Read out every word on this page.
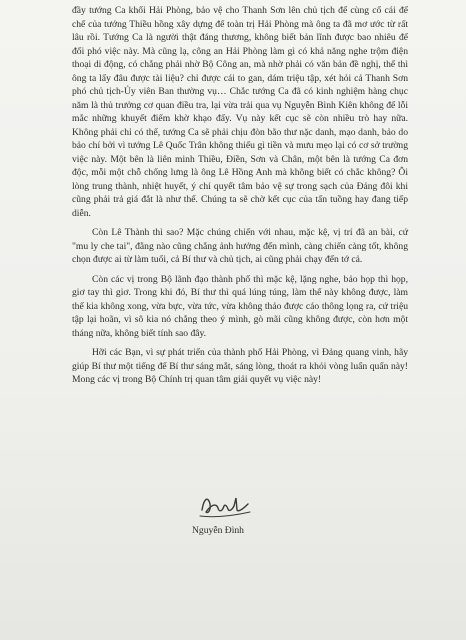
đầy tướng Ca khối Hải Phòng, bảo vệ cho Thanh Sơn lên chủ tịch để cùng cổ cái để chế của tướng Thiều hồng xây dựng để toàn trị Hải Phòng mà ông ta đã mơ ước từ rất lâu rồi. Tướng Ca là người thật đáng thương, không biết bản lĩnh được bao nhiêu để đối phó việc này. Mà cũng lạ, công an Hải Phòng làm gì có khả năng nghe trộm điện thoại di động, có chẳng phải nhờ Bộ Công an, mà nhờ phải có văn bản đề nghị, thế thì ông ta lấy đâu được tài liệu? chỉ được cái to gan, dám triệu tập, xét hỏi cả Thanh Sơn phó chủ tịch-Ủy viên Ban thường vụ… Chắc tướng Ca đã có kinh nghiệm hàng chục năm là thủ trưởng cơ quan điều tra, lại vừa trải qua vụ Nguyễn Bình Kiên không để lỗi mắc những khuyết điểm khờ khạo đấy. Vụ này kết cục sẽ còn nhiều trò hay nữa. Không phải chỉ có thể, tướng Ca sẽ phải chịu đòn bão thư nặc danh, mạo danh, bảo do bảo chí bởi vì tướng Lê Quốc Trân không thiếu gì tiền và mưu mẹo lại có cơ sở trường việc này. Một bên là liên minh Thiều, Điền, Sơn và Chân, một bên là tướng Ca đơn độc, mỗi một chỗ chống lưng là ông Lê Hồng Anh mà không biết có chắc không? Ôi lòng trung thành, nhiệt huyết, ý chí quyết tâm bảo vệ sự trong sạch của Đảng đôi khi cũng phải trả giá đắt là như thế. Chúng ta sẽ chờ kết cục của tấn tuồng hay đang tiếp diễn.

Còn Lê Thành thì sao? Mặc chúng chiến với nhau, mặc kệ, vị trí đã an bài, cứ "mu ly che tai", đằng nào cũng chẳng ảnh hưởng đến mình, càng chiến càng tốt, không chọn được ai từ làm tuổi, cả Bí thư và chủ tịch, ai cũng phải chạy đến tớ cả.

Còn các vị trong Bộ lãnh đạo thành phố thì mặc kệ, lặng nghe, bảo họp thì họp, giơ tay thì giơ. Trong khi đó, Bí thư thì quá lúng túng, làm thế này không được, làm thế kia không xong, vừa bực, vừa tức, vừa không thảo được cáo thông lọng ra, cứ triệu tập lại hoãn, vì sô kia nó chẳng theo ý mình, gò mãi cũng không được, còn hơn một tháng nữa, không biết tính sao đây.

Hỡi các Bạn, vì sự phát triển của thành phố Hải Phòng, vì Đảng quang vinh, hãy giúp Bí thư một tiếng để Bí thư sáng mắt, sáng lòng, thoát ra khỏi vòng luẩn quẩn này! Mong các vị trong Bộ Chính trị quan tâm giải quyết vụ việc này!

Nguyễn Đình
